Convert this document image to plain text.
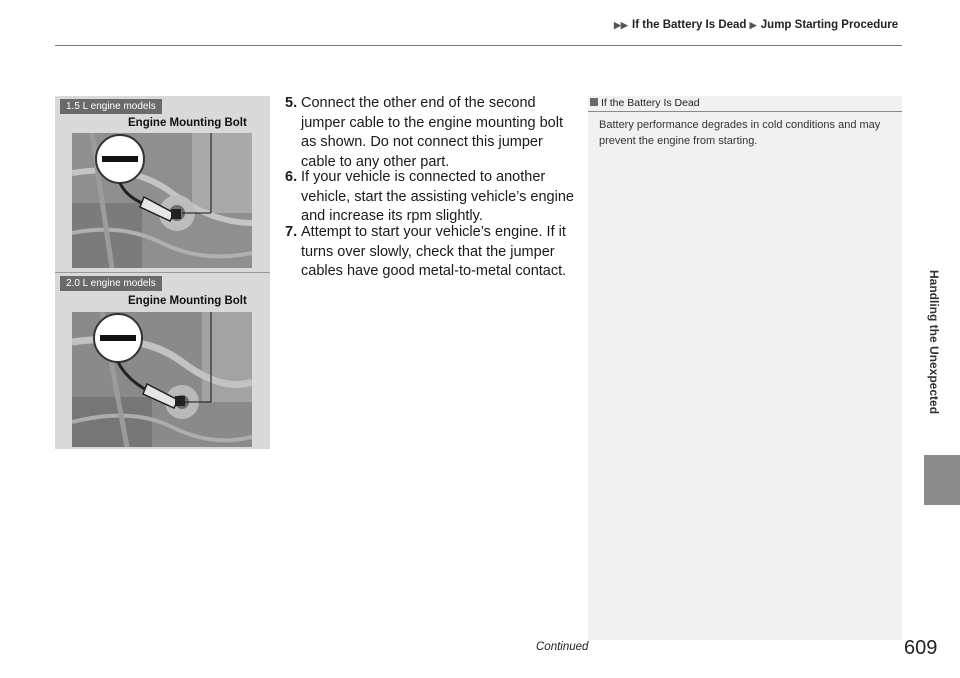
▶▶ If the Battery Is Dead ▶ Jump Starting Procedure
1.5 L engine models
Engine Mounting Bolt
2.0 L engine models
Engine Mounting Bolt
5. Connect the other end of the second jumper cable to the engine mounting bolt as shown. Do not connect this jumper cable to any other part.
6. If your vehicle is connected to another vehicle, start the assisting vehicle’s engine and increase its rpm slightly.
7. Attempt to start your vehicle’s engine. If it turns over slowly, check that the jumper cables have good metal-to-metal contact.
If the Battery Is Dead
Battery performance degrades in cold conditions and may prevent the engine from starting.
Handling the Unexpected
Continued	609
